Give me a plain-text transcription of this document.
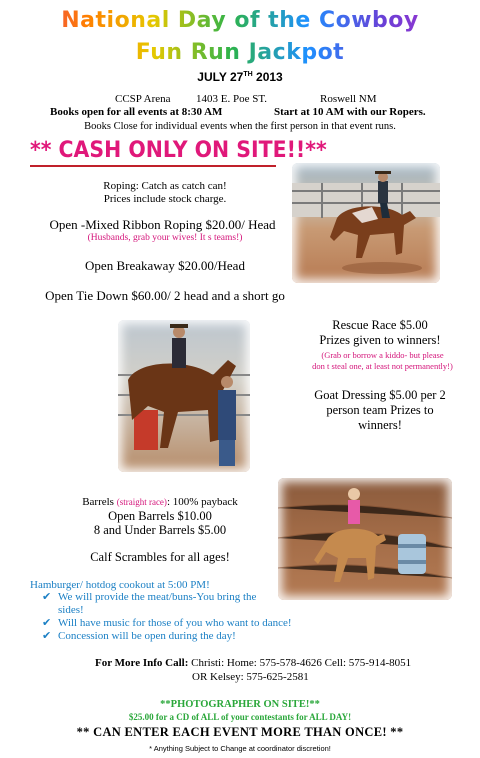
National Day of the Cowboy
Fun Run Jackpot
JULY 27TH 2013
CCSP Arena 1403 E. Poe ST.	Roswell NM
Books open for all events at 8:30 AM	Start at 10 AM with our Ropers.
Books Close for individual events when the first person in that event runs.
** CASH ONLY ON SITE!!**
Roping: Catch as catch can!
Prices include stock charge.
Open -Mixed Ribbon Roping $20.00/ Head
(Husbands, grab your wives! It s teams!)
Open Breakaway $20.00/Head
Open Tie Down $60.00/ 2 head and a short go
Rescue Race $5.00
Prizes given to winners!
(Grab or borrow a kiddo- but please
don t steal one, at least not permanently!)
Goat Dressing $5.00 per 2
person team Prizes to
winners!
Barrels (straight race): 100% payback
Open Barrels $10.00
8 and Under Barrels $5.00
Calf Scrambles for all ages!
Hamburger/ hotdog cookout at 5:00 PM!
✔ We will provide the meat/buns-You bring the
sides!
✔ Will have music for those of you who want to dance!
✔ Concession will be open during the day!
For More Info Call: Christi: Home: 575-578-4626 Cell: 575-914-8051
OR Kelsey: 575-625-2581
**PHOTOGRAPHER ON SITE!**
$25.00 for a CD of ALL of your contestants for ALL DAY!
** CAN ENTER EACH EVENT MORE THAN ONCE! **
* Anything Subject to Change at coordinator discretion!
